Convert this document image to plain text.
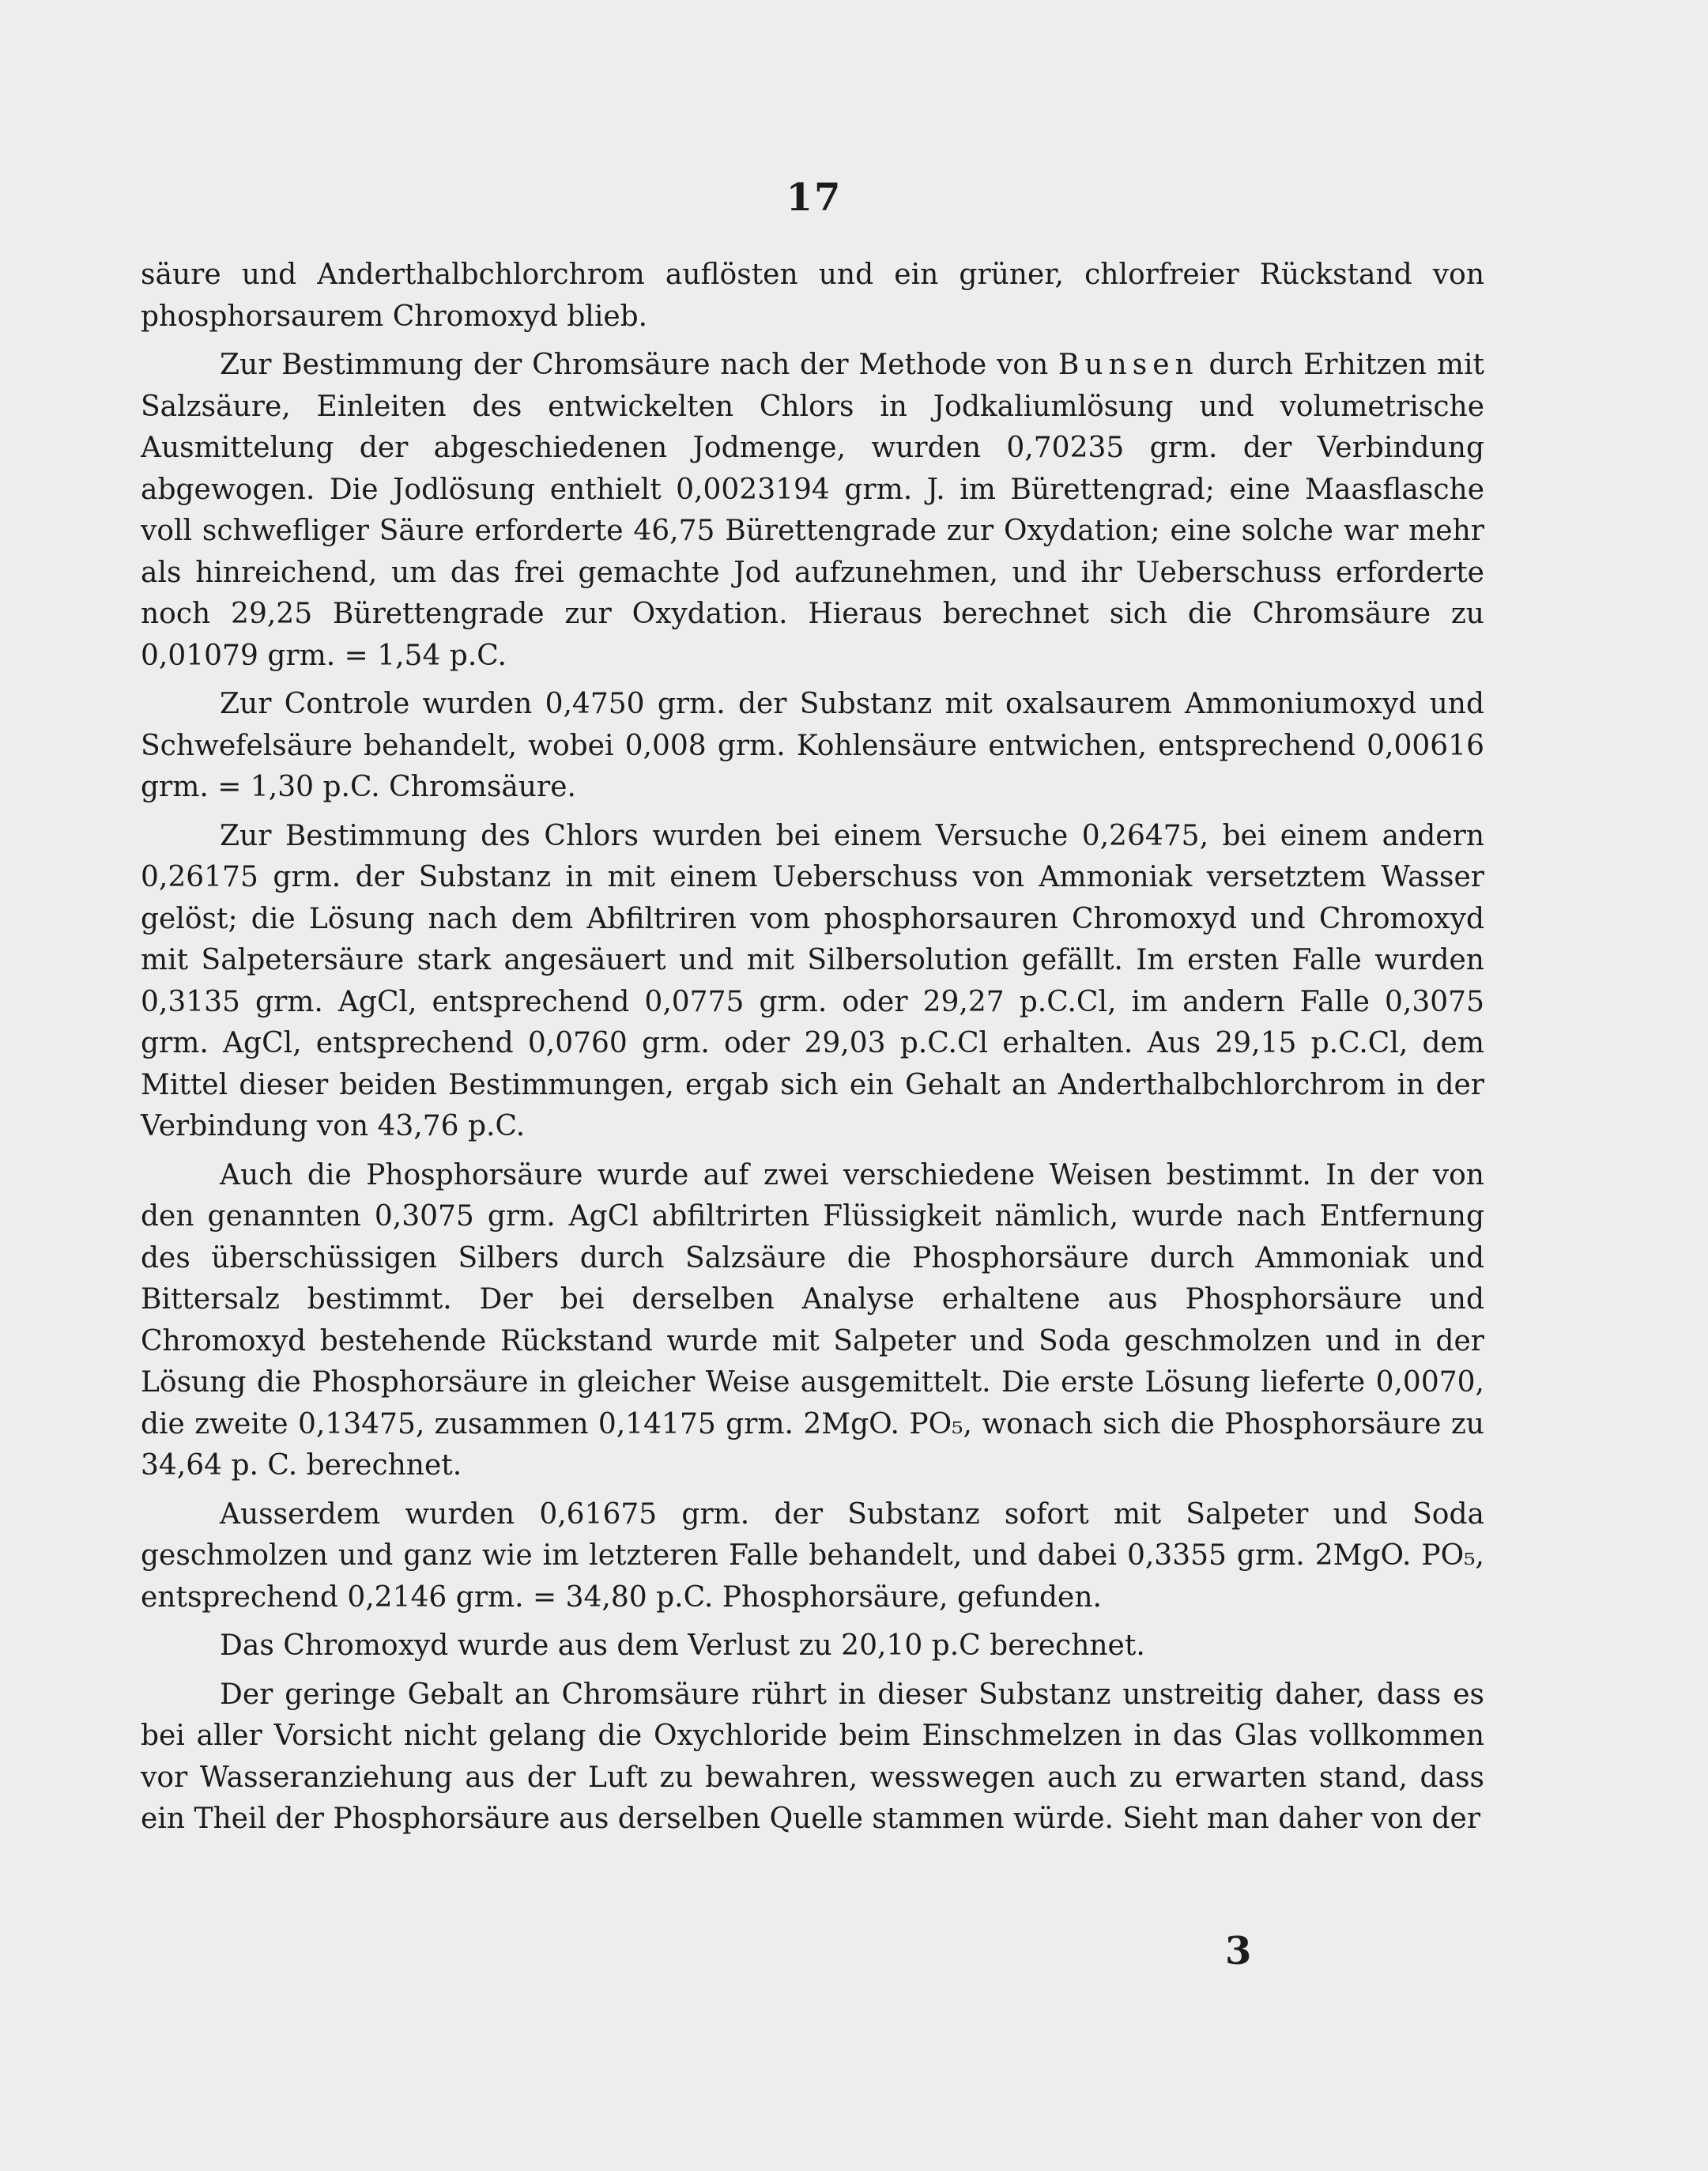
17

säure und Anderthalbchlorchrom auflösten und ein grüner, chlorfreier Rückstand von phosphorsaurem Chromoxyd blieb.

Zur Bestimmung der Chromsäure nach der Methode von Bunsen durch Erhitzen mit Salzsäure, Einleiten des entwickelten Chlors in Jodkaliumlösung und volumetrische Ausmittelung der abgeschiedenen Jodmenge, wurden 0,70235 grm. der Verbindung abgewogen. Die Jodlösung enthielt 0,0023194 grm. J. im Bürettengrad; eine Maasflasche voll schwefliger Säure erforderte 46,75 Bürettengrade zur Oxydation; eine solche war mehr als hinreichend, um das frei gemachte Jod aufzunehmen, und ihr Ueberschuss erforderte noch 29,25 Bürettengrade zur Oxydation. Hieraus berechnet sich die Chromsäure zu 0,01079 grm. = 1,54 p.C.

Zur Controle wurden 0,4750 grm. der Substanz mit oxalsaurem Ammoniumoxyd und Schwefelsäure behandelt, wobei 0,008 grm. Kohlensäure entwichen, entsprechend 0,00616 grm. = 1,30 p.C. Chromsäure.

Zur Bestimmung des Chlors wurden bei einem Versuche 0,26475, bei einem andern 0,26175 grm. der Substanz in mit einem Ueberschuss von Ammoniak versetztem Wasser gelöst; die Lösung nach dem Abfiltriren vom phosphorsauren Chromoxyd und Chromoxyd mit Salpetersäure stark angesäuert und mit Silbersolution gefällt. Im ersten Falle wurden 0,3135 grm. AgCl, entsprechend 0,0775 grm. oder 29,27 p.C.Cl, im andern Falle 0,3075 grm. AgCl, entsprechend 0,0760 grm. oder 29,03 p.C.Cl erhalten. Aus 29,15 p.C.Cl, dem Mittel dieser beiden Bestimmungen, ergab sich ein Gehalt an Anderthalbchlorchrom in der Verbindung von 43,76 p.C.

Auch die Phosphorsäure wurde auf zwei verschiedene Weisen bestimmt. In der von den genannten 0,3075 grm. AgCl abfiltrirten Flüssigkeit nämlich, wurde nach Entfernung des überschüssigen Silbers durch Salzsäure die Phosphorsäure durch Ammoniak und Bittersalz bestimmt. Der bei derselben Analyse erhaltene aus Phosphorsäure und Chromoxyd bestehende Rückstand wurde mit Salpeter und Soda geschmolzen und in der Lösung die Phosphorsäure in gleicher Weise ausgemittelt. Die erste Lösung lieferte 0,0070, die zweite 0,13475, zusammen 0,14175 grm. 2MgO. PO₅, wonach sich die Phosphorsäure zu 34,64 p. C. berechnet.

Ausserdem wurden 0,61675 grm. der Substanz sofort mit Salpeter und Soda geschmolzen und ganz wie im letzteren Falle behandelt, und dabei 0,3355 grm. 2MgO. PO₅, entsprechend 0,2146 grm. = 34,80 p.C. Phosphorsäure, gefunden.

Das Chromoxyd wurde aus dem Verlust zu 20,10 p.C berechnet.

Der geringe Gebalt an Chromsäure rührt in dieser Substanz unstreitig daher, dass es bei aller Vorsicht nicht gelang die Oxychloride beim Einschmelzen in das Glas vollkommen vor Wasseranziehung aus der Luft zu bewahren, wesswegen auch zu erwarten stand, dass ein Theil der Phosphorsäure aus derselben Quelle stammen würde. Sieht man daher von der

3
